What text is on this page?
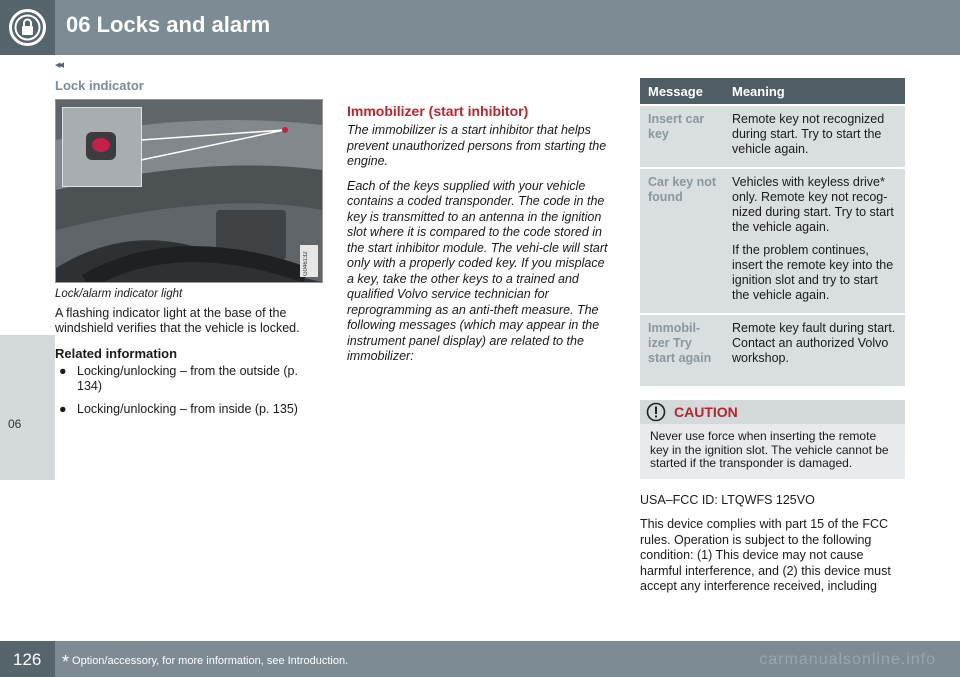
06 Locks and alarm
06
◂◂
Lock indicator
G046132
Lock/alarm indicator light

A flashing indicator light at the base of the windshield verifies that the vehicle is locked.

Related information
● Locking/unlocking – from the outside (p. 134)
● Locking/unlocking – from inside (p. 135)
Immobilizer (start inhibitor)

The immobilizer is a start inhibitor that helps prevent unauthorized persons from starting the engine.

Each of the keys supplied with your vehicle contains a coded transponder. The code in the key is transmitted to an antenna in the ignition slot where it is compared to the code stored in the start inhibitor module. The vehi-cle will start only with a properly coded key. If you misplace a key, take the other keys to a trained and qualified Volvo service technician for reprogramming as an anti-theft measure. The following messages (which may appear in the instrument panel display) are related to the immobilizer:

Message	Meaning
Insert car key	Remote key not recognized during start. Try to start the vehicle again.

Car key not found	Vehicles with keyless drive* only. Remote key not recog-nized during start. Try to start the vehicle again.

If the problem continues, insert the remote key into the ignition slot and try to start the vehicle again.

Immobil-izer Try start again	Remote key fault during start. Contact an authorized Volvo workshop.

CAUTION
Never use force when inserting the remote key in the ignition slot. The vehicle cannot be started if the transponder is damaged.

USA–FCC ID: LTQWFS 125VO

This device complies with part 15 of the FCC rules. Operation is subject to the following condition: (1) This device may not cause harmful interference, and (2) this device must accept any interference received, including

126 * Option/accessory, for more information, see Introduction.	carmanualsonline.info
